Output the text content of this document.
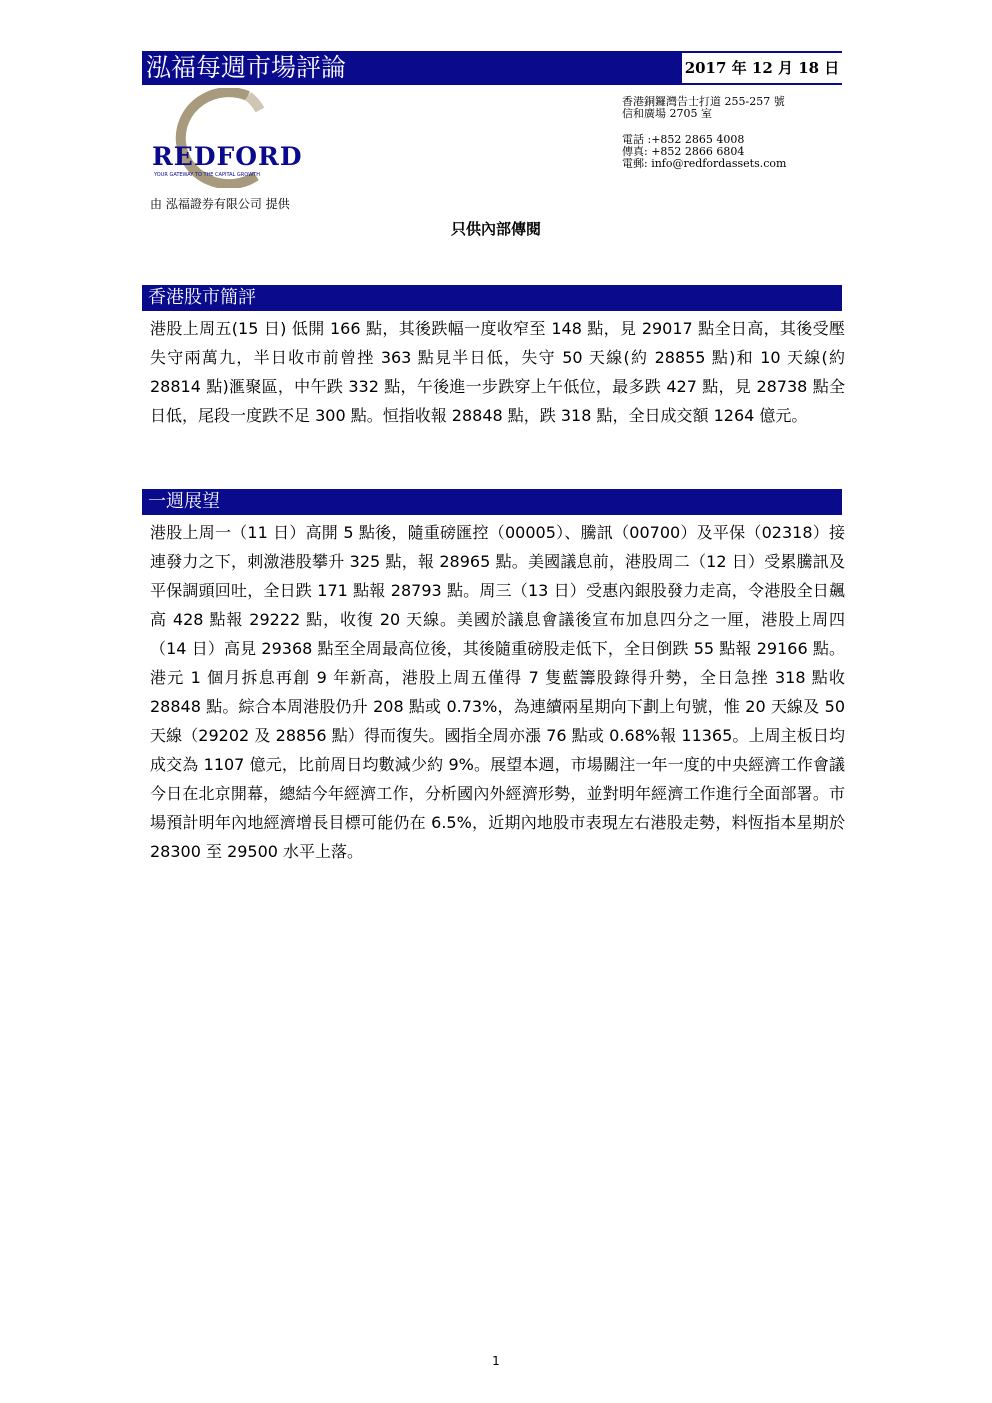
泓福每週市場評論	2017 年 12 月 18 日
REDFORD
YOUR GATEWAY TO THE CAPITAL GROWTH
香港銅鑼灣告士打道 255-257 號
信和廣場 2705 室
電話 :+852 2865 4008
傳真: +852 2866 6804
電郵: info@redfordassets.com
由 泓福證券有限公司 提供
只供內部傳閱
香港股市簡評
港股上周五(15 日) 低開 166 點，其後跌幅一度收窄至 148 點，見 29017 點全日高，其後受壓失守兩萬九，半日收市前曾挫 363 點見半日低，失守 50 天線(約 28855 點)和 10 天線(約 28814 點)滙聚區，中午跌 332 點，午後進一步跌穿上午低位，最多跌 427 點，見 28738 點全日低，尾段一度跌不足 300 點。恒指收報 28848 點，跌 318 點，全日成交額 1264 億元。
一週展望
港股上周一（11 日）高開 5 點後，隨重磅匯控（00005）、騰訊（00700）及平保（02318）接連發力之下，刺激港股攀升 325 點，報 28965 點。美國議息前，港股周二（12 日）受累騰訊及平保調頭回吐，全日跌 171 點報 28793 點。周三（13 日）受惠內銀股發力走高，令港股全日飆高 428 點報 29222 點，收復 20 天線。美國於議息會議後宣布加息四分之一厘，港股上周四（14 日）高見 29368 點至全周最高位後，其後隨重磅股走低下，全日倒跌 55 點報 29166 點。港元 1 個月拆息再創 9 年新高，港股上周五僅得 7 隻藍籌股錄得升勢，全日急挫 318 點收 28848 點。綜合本周港股仍升 208 點或 0.73%，為連續兩星期向下劃上句號，惟 20 天線及 50 天線（29202 及 28856 點）得而復失。國指全周亦漲 76 點或 0.68%報 11365。上周主板日均成交為 1107 億元，比前周日均數減少約 9%。展望本週，市場關注一年一度的中央經濟工作會議今日在北京開幕，總結今年經濟工作，分析國內外經濟形勢，並對明年經濟工作進行全面部署。市場預計明年內地經濟增長目標可能仍在 6.5%，近期內地股市表現左右港股走勢，料恆指本星期於 28300 至 29500 水平上落。
1
